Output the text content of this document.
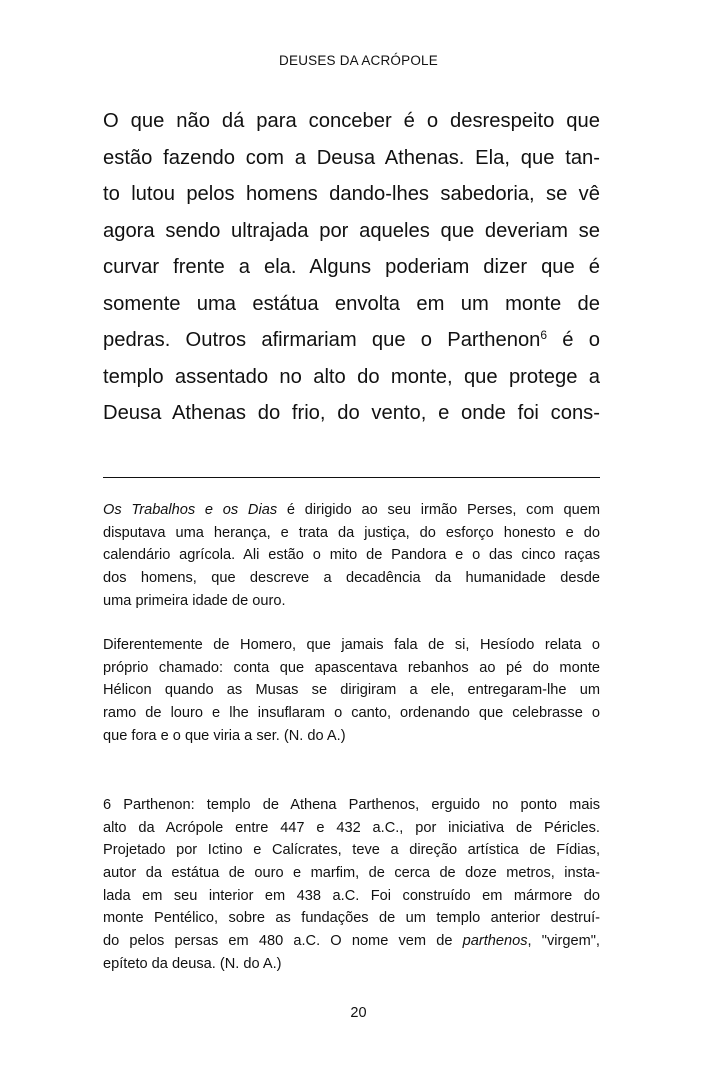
DEUSES DA ACRÓPOLE
O que não dá para conceber é o desrespeito que
estão fazendo com a Deusa Athenas. Ela, que tan-
to lutou pelos homens dando-lhes sabedoria, se vê
agora sendo ultrajada por aqueles que deveriam se
curvar frente a ela. Alguns poderiam dizer que é
somente uma estátua envolta em um monte de
pedras. Outros afirmariam que o Parthenon$^6$ é o
templo assentado no alto do monte, que protege a
Deusa Athenas do frio, do vento, e onde foi cons-
Os Trabalhos e os Dias é dirigido ao seu irmão Perses, com quem
disputava uma herança, e trata da justiça, do esforço honesto e do
calendário agrícola. Ali estão o mito de Pandora e o das cinco raças
dos homens, que descreve a decadência da humanidade desde
uma primeira idade de ouro.
Diferentemente de Homero, que jamais fala de si, Hesíodo relata o
próprio chamado: conta que apascentava rebanhos ao pé do monte
Hélicon quando as Musas se dirigiram a ele, entregaram-lhe um
ramo de louro e lhe insuflaram o canto, ordenando que celebrasse o
que fora e o que viria a ser. (N. do A.)
6 Parthenon: templo de Athena Parthenos, erguido no ponto mais
alto da Acrópole entre 447 e 432 a.C., por iniciativa de Péricles.
Projetado por Ictino e Calícrates, teve a direção artística de Fídias,
autor da estátua de ouro e marfim, de cerca de doze metros, insta-
lada em seu interior em 438 a.C. Foi construído em mármore do
monte Pentélico, sobre as fundações de um templo anterior destruí-
do pelos persas em 480 a.C. O nome vem de parthenos, "virgem",
epíteto da deusa. (N. do A.)
20
